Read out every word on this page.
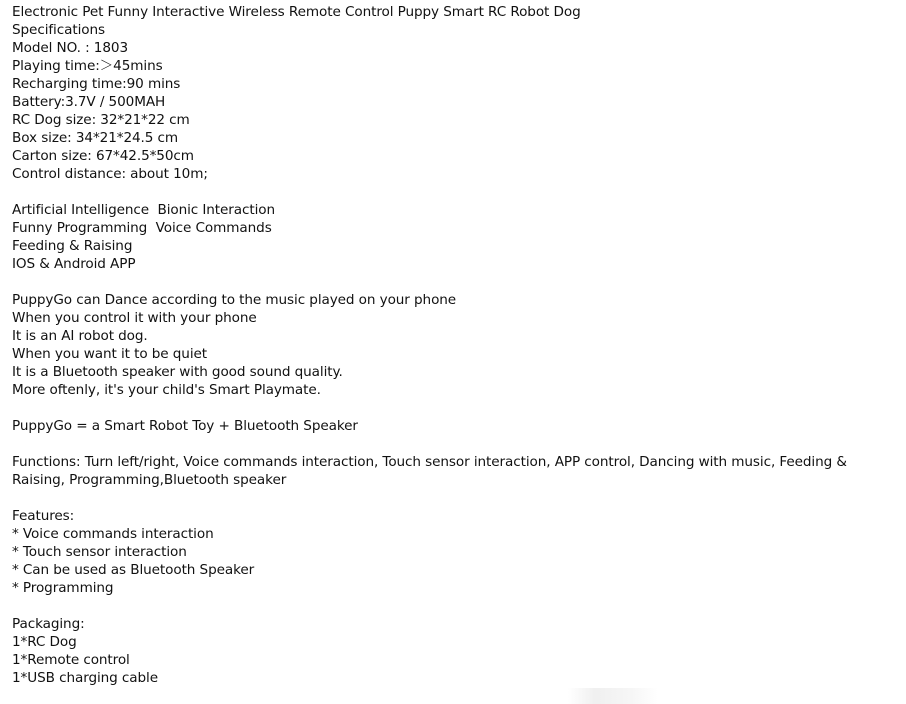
Electronic Pet Funny Interactive Wireless Remote Control Puppy Smart RC Robot Dog
Specifications
Model NO. : 1803
Playing time:＞45mins
Recharging time:90 mins
Battery:3.7V / 500MAH
RC Dog size: 32*21*22 cm
Box size: 34*21*24.5 cm
Carton size: 67*42.5*50cm
Control distance: about 10m;
Artificial Intelligence  Bionic Interaction
Funny Programming  Voice Commands
Feeding & Raising
IOS & Android APP
PuppyGo can Dance according to the music played on your phone
When you control it with your phone
It is an AI robot dog.
When you want it to be quiet
It is a Bluetooth speaker with good sound quality.
More oftenly, it's your child's Smart Playmate.
PuppyGo = a Smart Robot Toy + Bluetooth Speaker
Functions: Turn left/right, Voice commands interaction, Touch sensor interaction, APP control, Dancing with music, Feeding & Raising, Programming,Bluetooth speaker
Features:
* Voice commands interaction
* Touch sensor interaction
* Can be used as Bluetooth Speaker
* Programming
Packaging:
1*RC Dog
1*Remote control
1*USB charging cable
